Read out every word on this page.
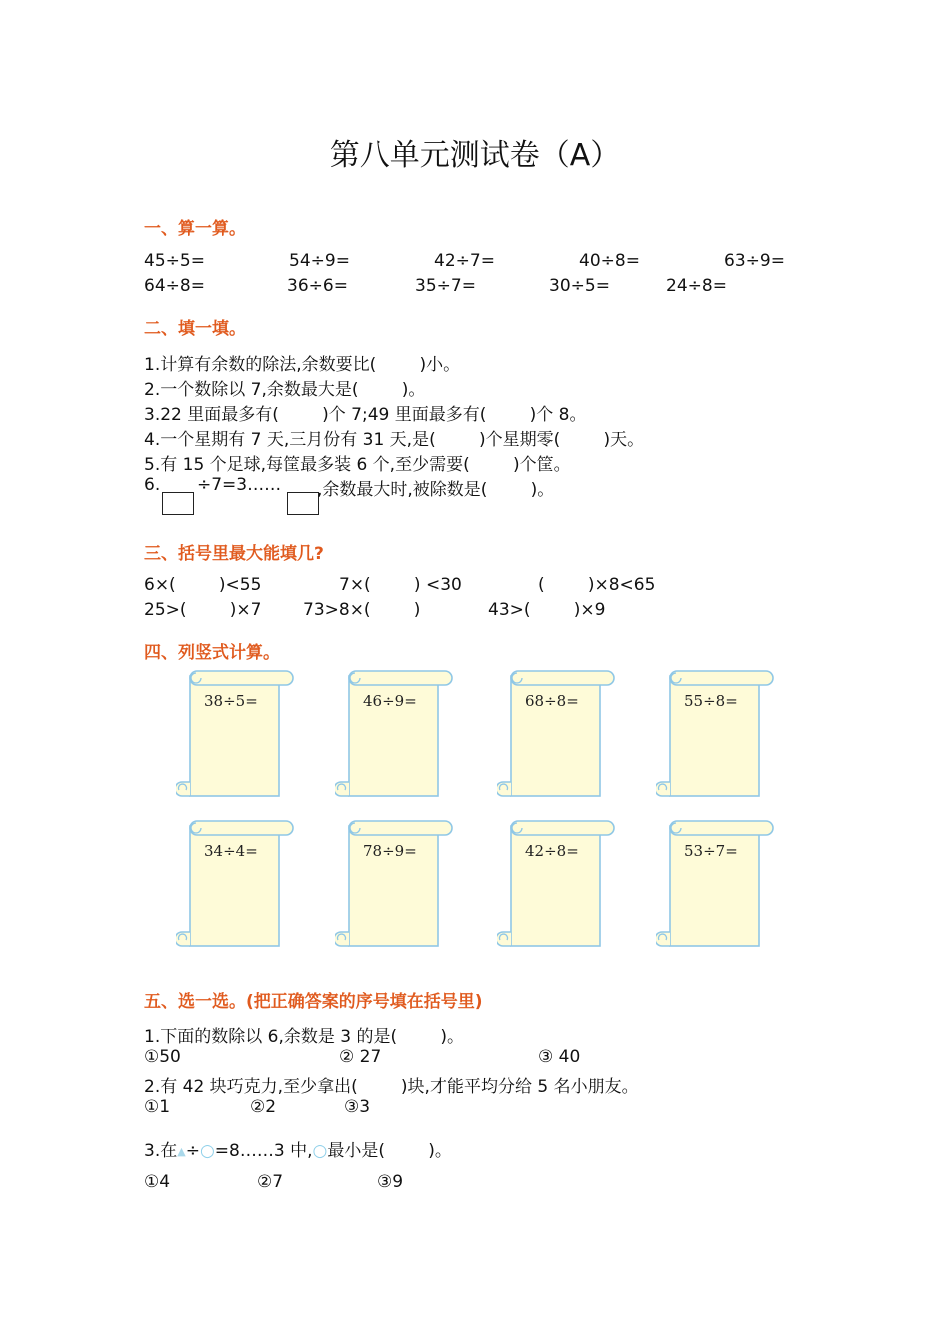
第八单元测试卷（A）
一、算一算。
45÷5=	54÷9=	42÷7=	40÷8=	63÷9=
64÷8=	36÷6=	35÷7=	30÷5=	24÷8=
二、填一填。
1.计算有余数的除法,余数要比(        )小。
2.一个数除以 7,余数最大是(        )。
3.22 里面最多有(        )个 7;49 里面最多有(        )个 8。
4.一个星期有 7 天,三月份有 31 天,是(        )个星期零(        )天。
5.有 15 个足球,每筐最多装 6 个,至少需要(        )个筐。
6. ÷7=3…… ,余数最大时,被除数是(        )。
三、括号里最大能填几?
6×(        )<55	7×(        ) <30	(        )×8<65
25>(        )×7 73>8×(        )	43>(        )×9
四、列竖式计算。
38÷5=	46÷9=	68÷8=	55÷8=
34÷4=	78÷9=	42÷8=	53÷7=
五、选一选。(把正确答案的序号填在括号里)
1.下面的数除以 6,余数是 3 的是(        )。
①50	② 27	③ 40
2.有 42 块巧克力,至少拿出(        )块,才能平均分给 5 名小朋友。
①1	②2	③3
3.在▲÷○=8……3 中,○最小是(        )。
①4	②7	③9
